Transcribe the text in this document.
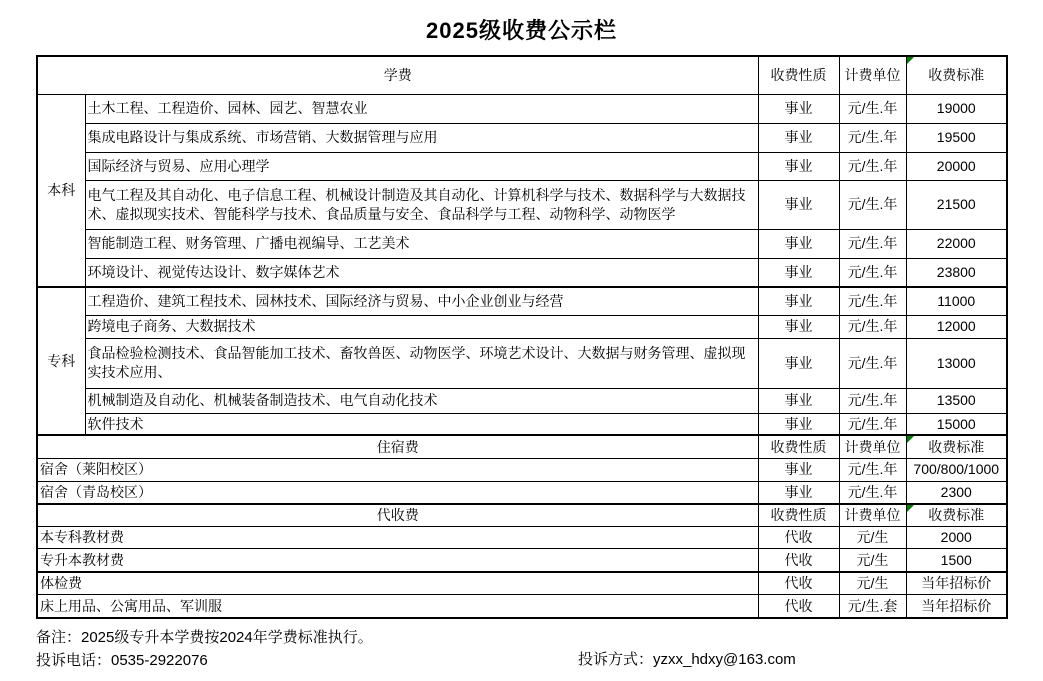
2025级收费公示栏
学费		收费性质	计费单位	收费标准
本科	土木工程、工程造价、园林、园艺、智慧农业	事业	元/生.年	19000
	集成电路设计与集成系统、市场营销、大数据管理与应用	事业	元/生.年	19500
	国际经济与贸易、应用心理学	事业	元/生.年	20000
	电气工程及其自动化、电子信息工程、机械设计制造及其自动化、计算机科学与技术、数据科学与大数据技术、虚拟现实技术、智能科学与技术、食品质量与安全、食品科学与工程、动物科学、动物医学	事业	元/生.年	21500
	智能制造工程、财务管理、广播电视编导、工艺美术	事业	元/生.年	22000
	环境设计、视觉传达设计、数字媒体艺术	事业	元/生.年	23800
专科	工程造价、建筑工程技术、园林技术、国际经济与贸易、中小企业创业与经营	事业	元/生.年	11000
	跨境电子商务、大数据技术	事业	元/生.年	12000
	食品检验检测技术、食品智能加工技术、畜牧兽医、动物医学、环境艺术设计、大数据与财务管理、虚拟现实技术应用、	事业	元/生.年	13000
	机械制造及自动化、机械装备制造技术、电气自动化技术	事业	元/生.年	13500
	软件技术	事业	元/生.年	15000
住宿费		收费性质	计费单位	收费标准
宿舍（莱阳校区）		事业	元/生.年	700/800/1000
宿舍（青岛校区）		事业	元/生.年	2300
代收费		收费性质	计费单位	收费标准
本专科教材费		代收	元/生	2000
专升本教材费		代收	元/生	1500
体检费		代收	元/生	当年招标价
床上用品、公寓用品、军训服		代收	元/生.套	当年招标价
备注：2025级专升本学费按2024年学费标准执行。
投诉电话：0535-2922076	投诉方式：yzxx_hdxy@163.com
